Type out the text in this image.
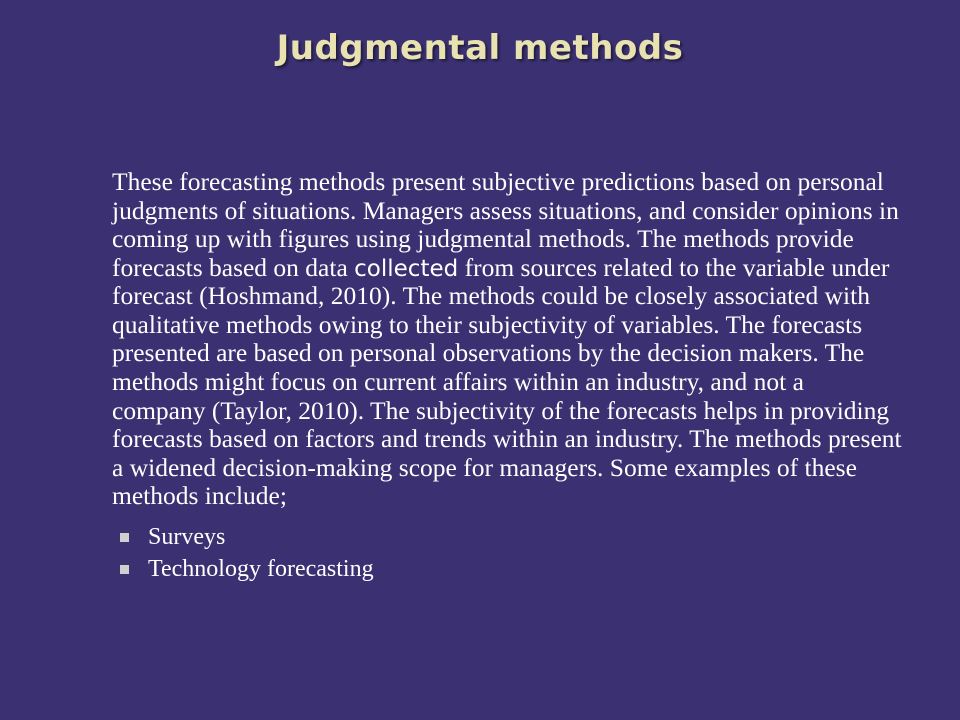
Judgmental methods

These forecasting methods present subjective predictions based on personal judgments of situations. Managers assess situations, and consider opinions in coming up with figures using judgmental methods. The methods provide forecasts based on data collected from sources related to the variable under forecast (Hoshmand, 2010). The methods could be closely associated with qualitative methods owing to their subjectivity of variables. The forecasts presented are based on personal observations by the decision makers. The methods might focus on current affairs within an industry, and not a company (Taylor, 2010). The subjectivity of the forecasts helps in providing forecasts based on factors and trends within an industry. The methods present a widened decision-making scope for managers. Some examples of these methods include;

Surveys
Technology forecasting
